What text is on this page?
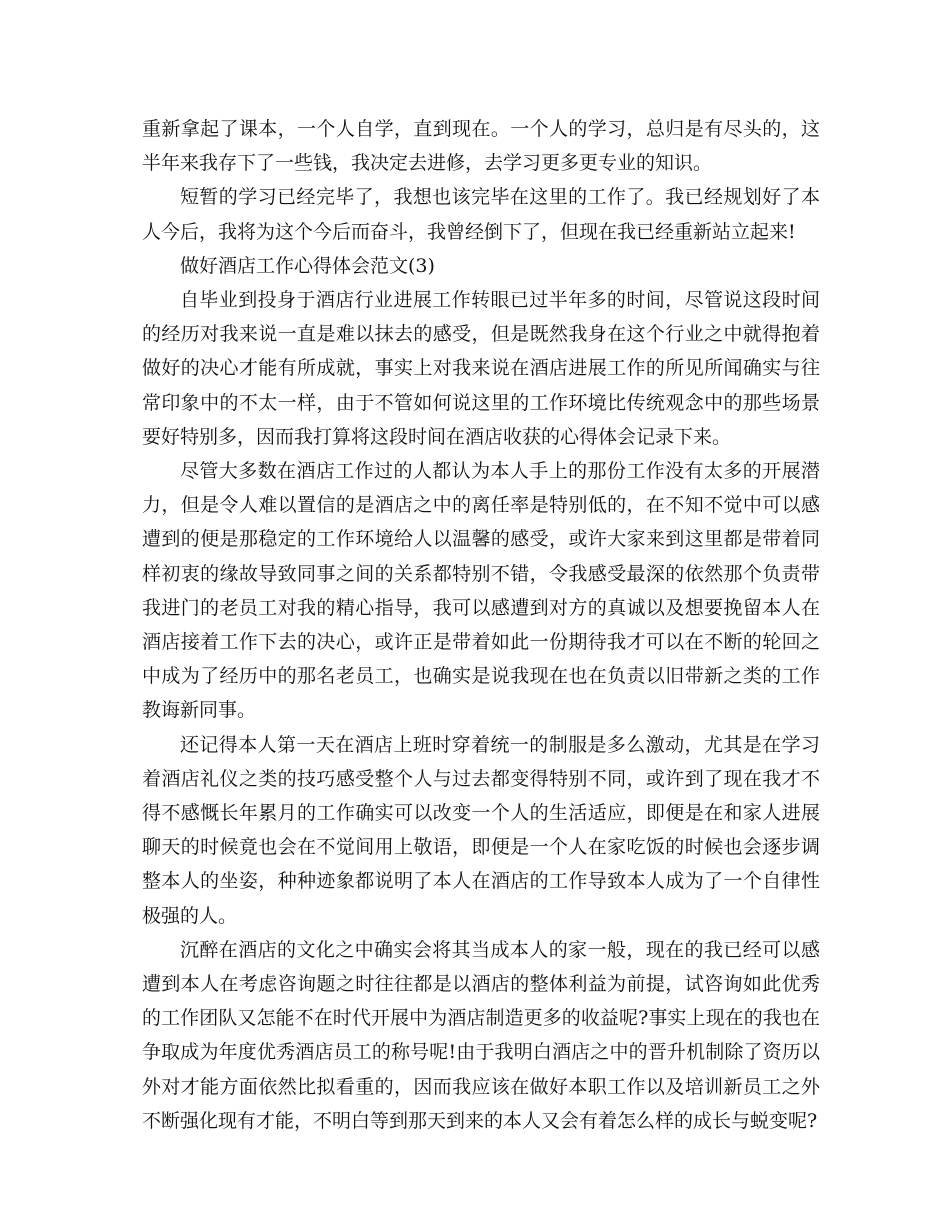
重新拿起了课本，一个人自学，直到现在。一个人的学习，总归是有尽头的，这半年来我存下了一些钱，我决定去进修，去学习更多更专业的知识。

短暂的学习已经完毕了，我想也该完毕在这里的工作了。我已经规划好了本人今后，我将为这个今后而奋斗，我曾经倒下了，但现在我已经重新站立起来!

做好酒店工作心得体会范文(3)

自毕业到投身于酒店行业进展工作转眼已过半年多的时间，尽管说这段时间的经历对我来说一直是难以抹去的感受，但是既然我身在这个行业之中就得抱着做好的决心才能有所成就，事实上对我来说在酒店进展工作的所见所闻确实与往常印象中的不太一样，由于不管如何说这里的工作环境比传统观念中的那些场景要好特别多，因而我打算将这段时间在酒店收获的心得体会记录下来。

尽管大多数在酒店工作过的人都认为本人手上的那份工作没有太多的开展潜力，但是令人难以置信的是酒店之中的离任率是特别低的，在不知不觉中可以感遭到的便是那稳定的工作环境给人以温馨的感受，或许大家来到这里都是带着同样初衷的缘故导致同事之间的关系都特别不错，令我感受最深的依然那个负责带我进门的老员工对我的精心指导，我可以感遭到对方的真诚以及想要挽留本人在酒店接着工作下去的决心，或许正是带着如此一份期待我才可以在不断的轮回之中成为了经历中的那名老员工，也确实是说我现在也在负责以旧带新之类的工作教诲新同事。

还记得本人第一天在酒店上班时穿着统一的制服是多么激动，尤其是在学习着酒店礼仪之类的技巧感受整个人与过去都变得特别不同，或许到了现在我才不得不感慨长年累月的工作确实可以改变一个人的生活适应，即便是在和家人进展聊天的时候竟也会在不觉间用上敬语，即便是一个人在家吃饭的时候也会逐步调整本人的坐姿，种种迹象都说明了本人在酒店的工作导致本人成为了一个自律性极强的人。

沉醉在酒店的文化之中确实会将其当成本人的家一般，现在的我已经可以感遭到本人在考虑咨询题之时往往都是以酒店的整体利益为前提，试咨询如此优秀的工作团队又怎能不在时代开展中为酒店制造更多的收益呢?事实上现在的我也在争取成为年度优秀酒店员工的称号呢!由于我明白酒店之中的晋升机制除了资历以外对才能方面依然比拟看重的，因而我应该在做好本职工作以及培训新员工之外不断强化现有才能，不明白等到那天到来的本人又会有着怎么样的成长与蜕变呢?
